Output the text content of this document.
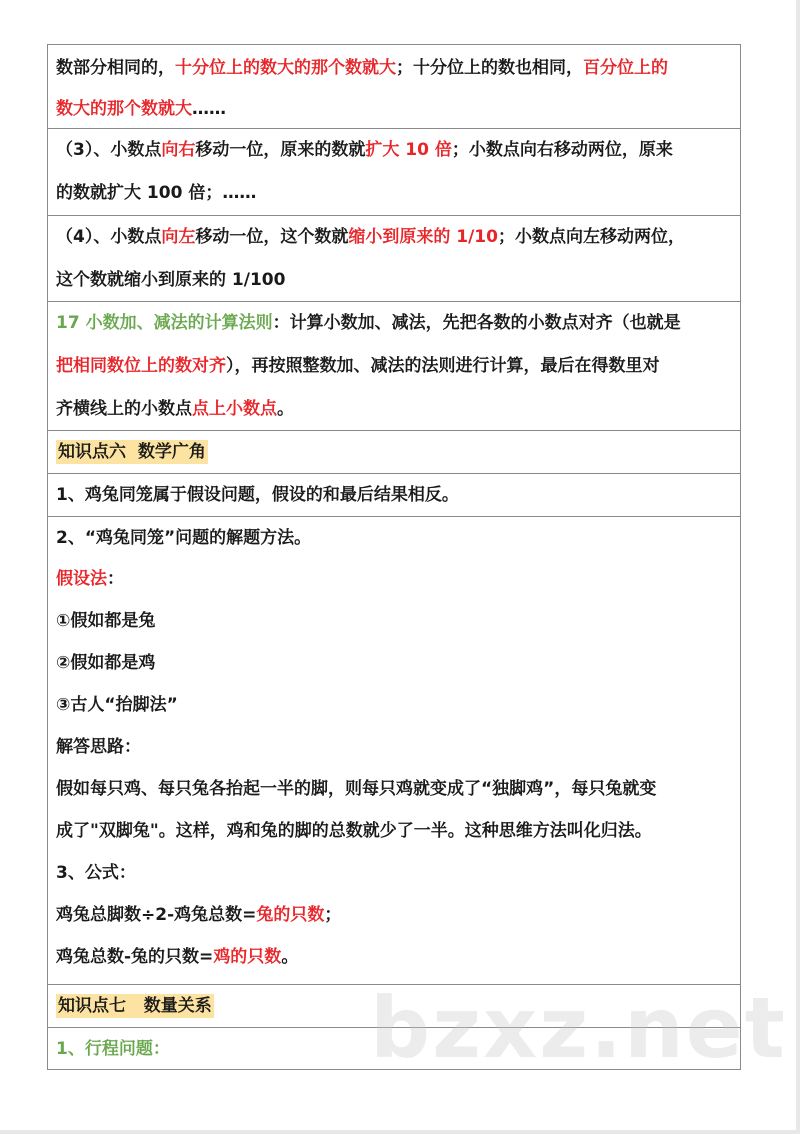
数部分相同的，十分位上的数大的那个数就大；十分位上的数也相同，百分位上的
数大的那个数就大……
（3）、小数点向右移动一位，原来的数就扩大 10 倍；小数点向右移动两位，原来
的数就扩大 100 倍；……
（4）、小数点向左移动一位，这个数就缩小到原来的 1/10；小数点向左移动两位，
这个数就缩小到原来的 1/100
17 小数加、减法的计算法则：计算小数加、减法，先把各数的小数点对齐（也就是
把相同数位上的数对齐），再按照整数加、减法的法则进行计算，最后在得数里对
齐横线上的小数点点上小数点。
知识点六  数学广角
1、鸡兔同笼属于假设问题，假设的和最后结果相反。
2、“鸡兔同笼”问题的解题方法。
假设法：
①假如都是兔
②假如都是鸡
③古人“抬脚法”
解答思路：
假如每只鸡、每只兔各抬起一半的脚，则每只鸡就变成了“独脚鸡”，每只兔就变
成了"双脚兔"。这样，鸡和兔的脚的总数就少了一半。这种思维方法叫化归法。
3、公式：
鸡兔总脚数÷2-鸡兔总数=兔的只数；
鸡兔总数-兔的只数=鸡的只数。
知识点七   数量关系
1、行程问题：	bzxz.net
